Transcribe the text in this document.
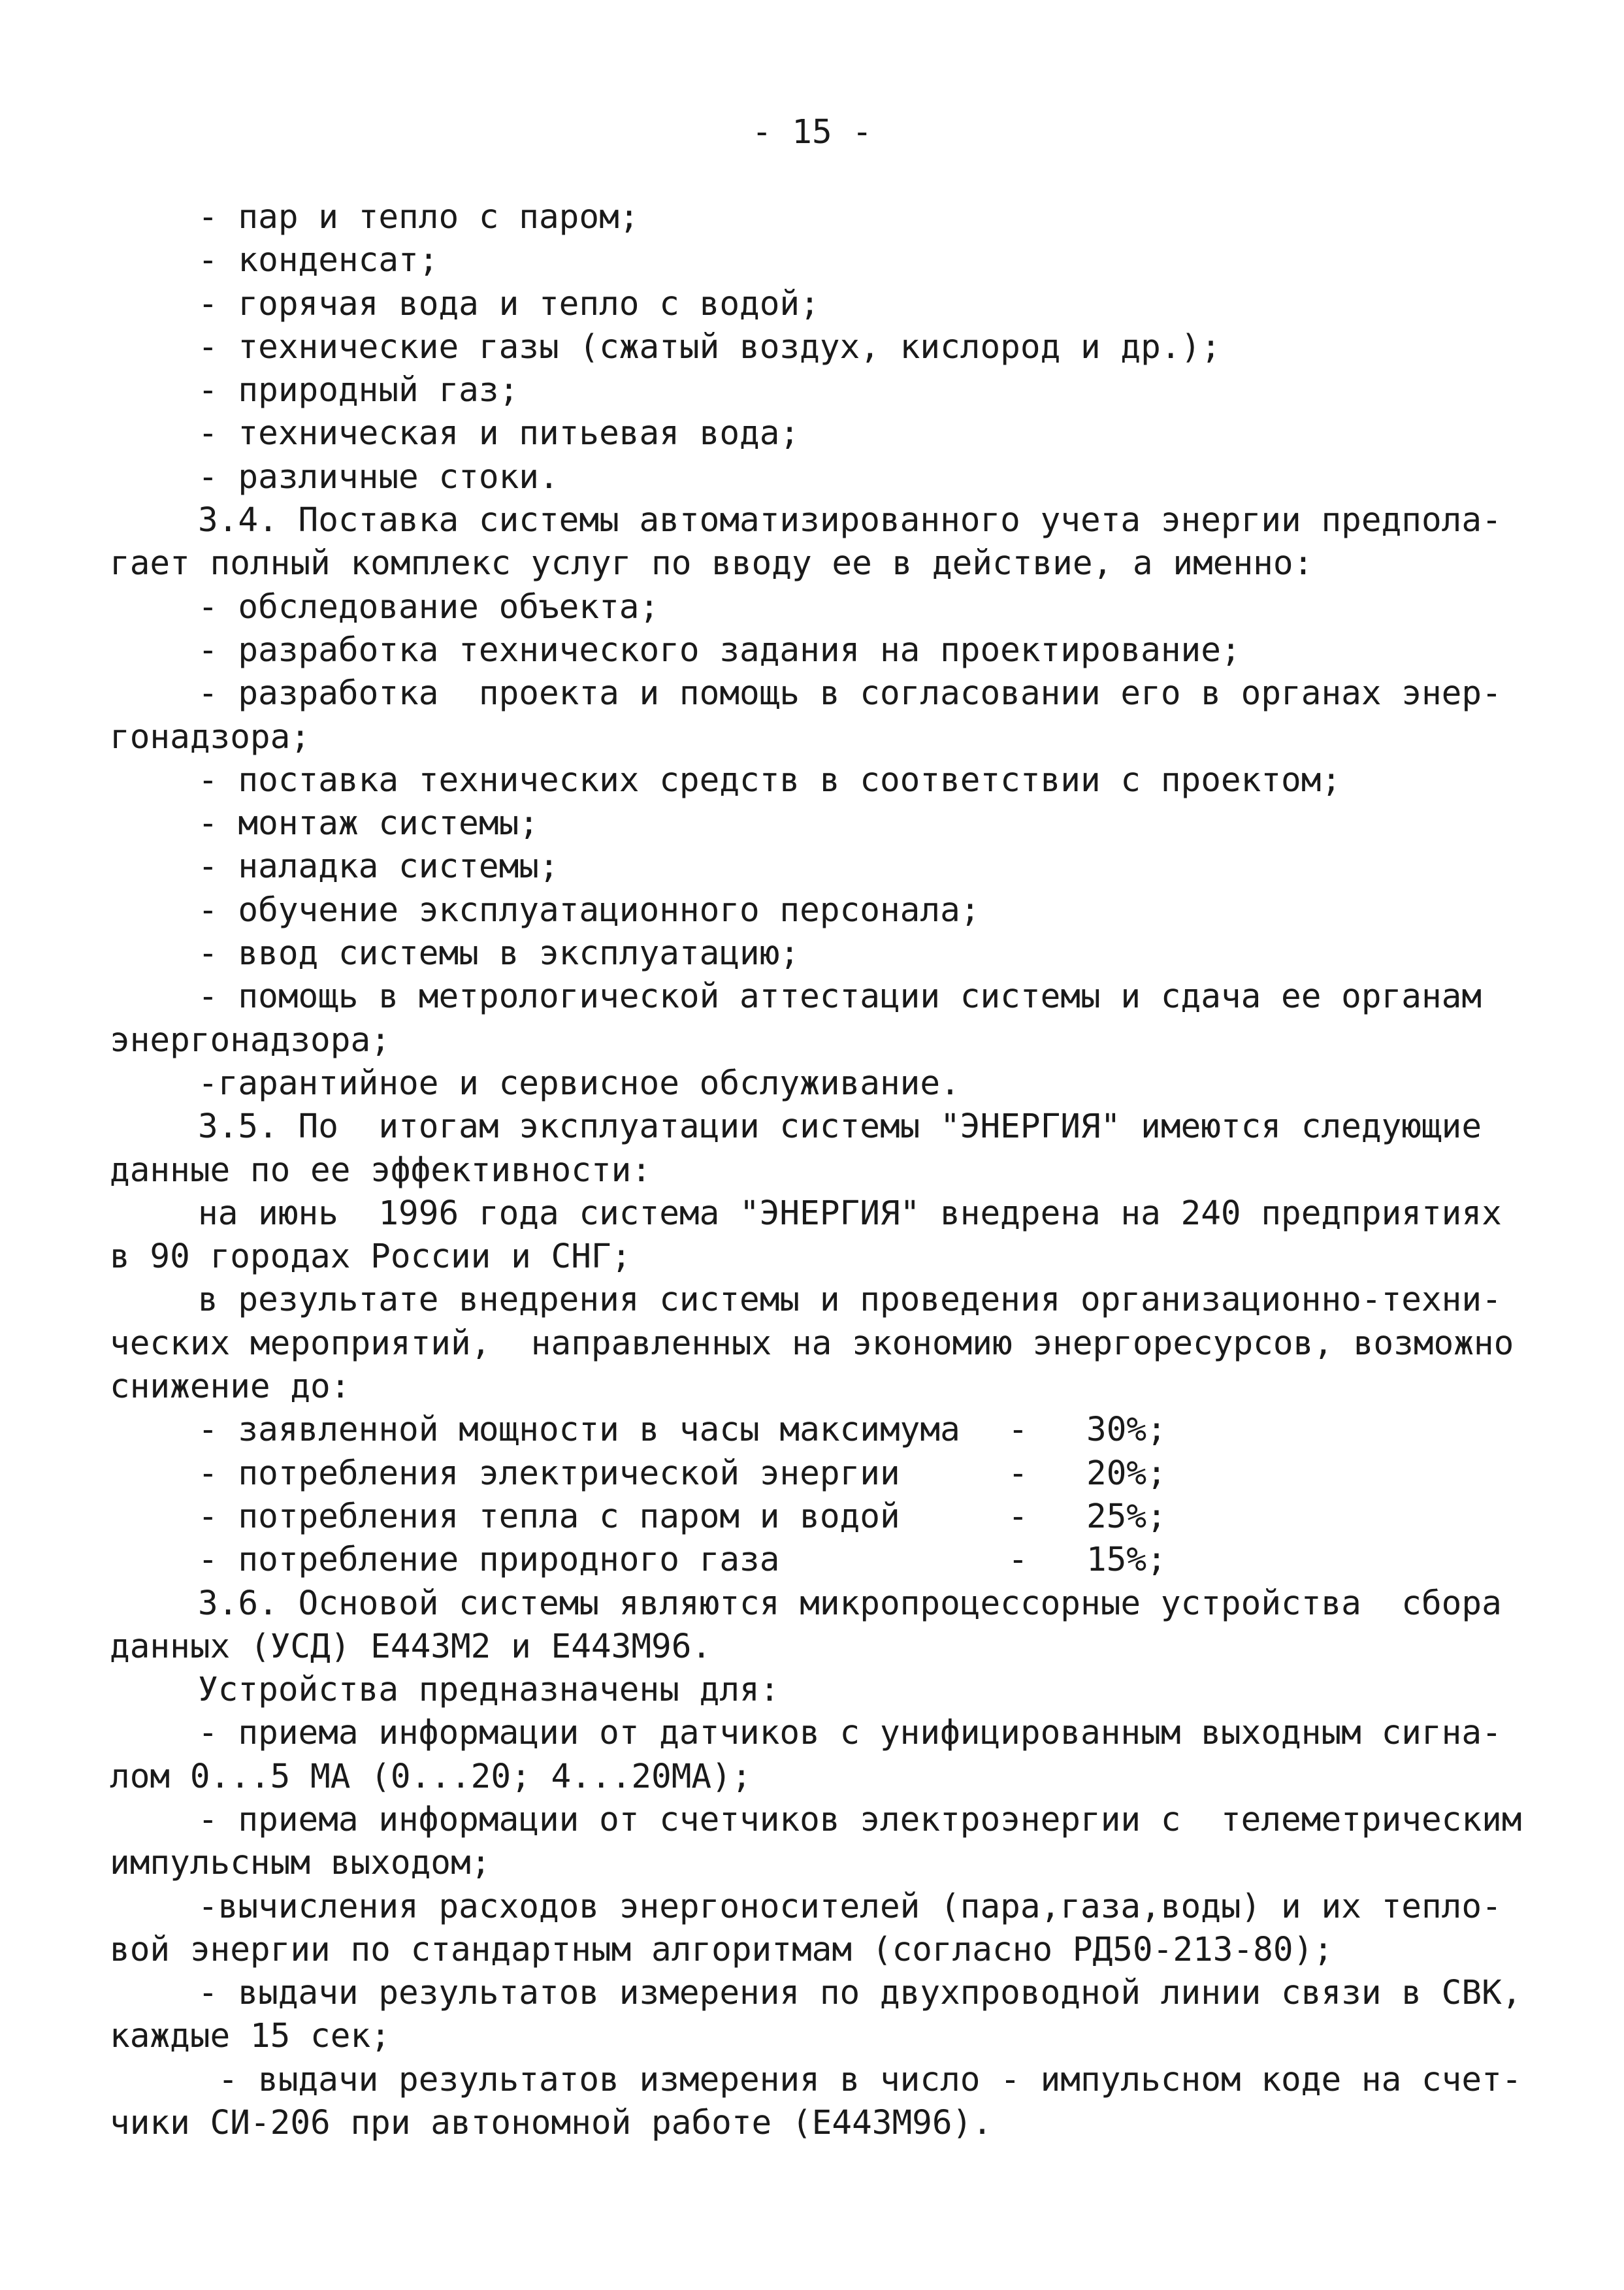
- 15 -
- пар и тепло с паром;
- конденсат;
- горячая вода и тепло с водой;
- технические газы (сжатый воздух, кислород и др.);
- природный газ;
- техническая и питьевая вода;
- различные стоки.
3.4. Поставка системы автоматизированного учета энергии предпола-
гает полный комплекс услуг по вводу ее в действие, а именно:
- обследование объекта;
- разработка технического задания на проектирование;
- разработка  проекта и помощь в согласовании его в органах энер-
гонадзора;
- поставка технических средств в соответствии с проектом;
- монтаж системы;
- наладка системы;
- обучение эксплуатационного персонала;
- ввод системы в эксплуатацию;
- помощь в метрологической аттестации системы и сдача ее органам
энергонадзора;
-гарантийное и сервисное обслуживание.
3.5. По  итогам эксплуатации системы "ЭНЕРГИЯ" имеются следующие
данные по ее эффективности:
на июнь  1996 года система "ЭНЕРГИЯ" внедрена на 240 предприятиях
в 90 городах России и СНГ;
в результате внедрения системы и проведения организационно-техни-
ческих мероприятий,  направленных на экономию энергоресурсов, возможно
снижение до:
- заявленной мощности в часы максимума	-	30%;
- потребления электрической энергии	-	20%;
- потребления тепла с паром и водой	-	25%;
- потребление природного газа	-	15%;
3.6. Основой системы являются микропроцессорные устройства  сбора
данных (УСД) Е443М2 и Е443М96.
Устройства предназначены для:
- приема информации от датчиков с унифицированным выходным сигна-
лом 0...5 МА (0...20; 4...20МА);
- приема информации от счетчиков электроэнергии с  телеметрическим
импульсным выходом;
-вычисления расходов энергоносителей (пара,газа,воды) и их тепло-
вой энергии по стандартным алгоритмам (согласно РД50-213-80);
- выдачи результатов измерения по двухпроводной линии связи в СВК,
каждые 15 сек;
- выдачи результатов измерения в число - импульсном коде на счет-
чики СИ-206 при автономной работе (Е443М96).
